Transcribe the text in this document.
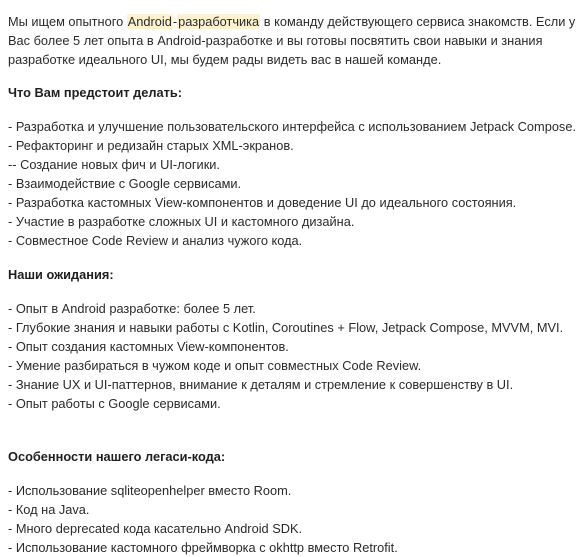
Мы ищем опытного Android-разработчика в команду действующего сервиса знакомств. Если у Вас более 5 лет опыта в Android-разработке и вы готовы посвятить свои навыки и знания разработке идеального UI, мы будем рады видеть вас в нашей команде.

Что Вам предстоит делать:
- Разработка и улучшение пользовательского интерфейса с использованием Jetpack Compose.
- Рефакторинг и редизайн старых XML-экранов.
-- Создание новых фич и UI-логики.
- Взаимодействие с Google сервисами.
- Разработка кастомных View-компонентов и доведение UI до идеального состояния.
- Участие в разработке сложных UI и кастомного дизайна.
- Совместное Code Review и анализ чужого кода.
Наши ожидания:
- Опыт в Android разработке: более 5 лет.
- Глубокие знания и навыки работы с Kotlin, Coroutines + Flow, Jetpack Compose, MVVM, MVI.
- Опыт создания кастомных View-компонентов.
- Умение разбираться в чужом коде и опыт совместных Code Review.
- Знание UX и UI-паттернов, внимание к деталям и стремление к совершенству в UI.
- Опыт работы с Google сервисами.
Особенности нашего легаси-кода:
- Использование sqliteopenhelper вместо Room.
- Код на Java.
- Много deprecated кода касательно Android SDK.
- Использование кастомного фреймворка с okhttp вместо Retrofit.
